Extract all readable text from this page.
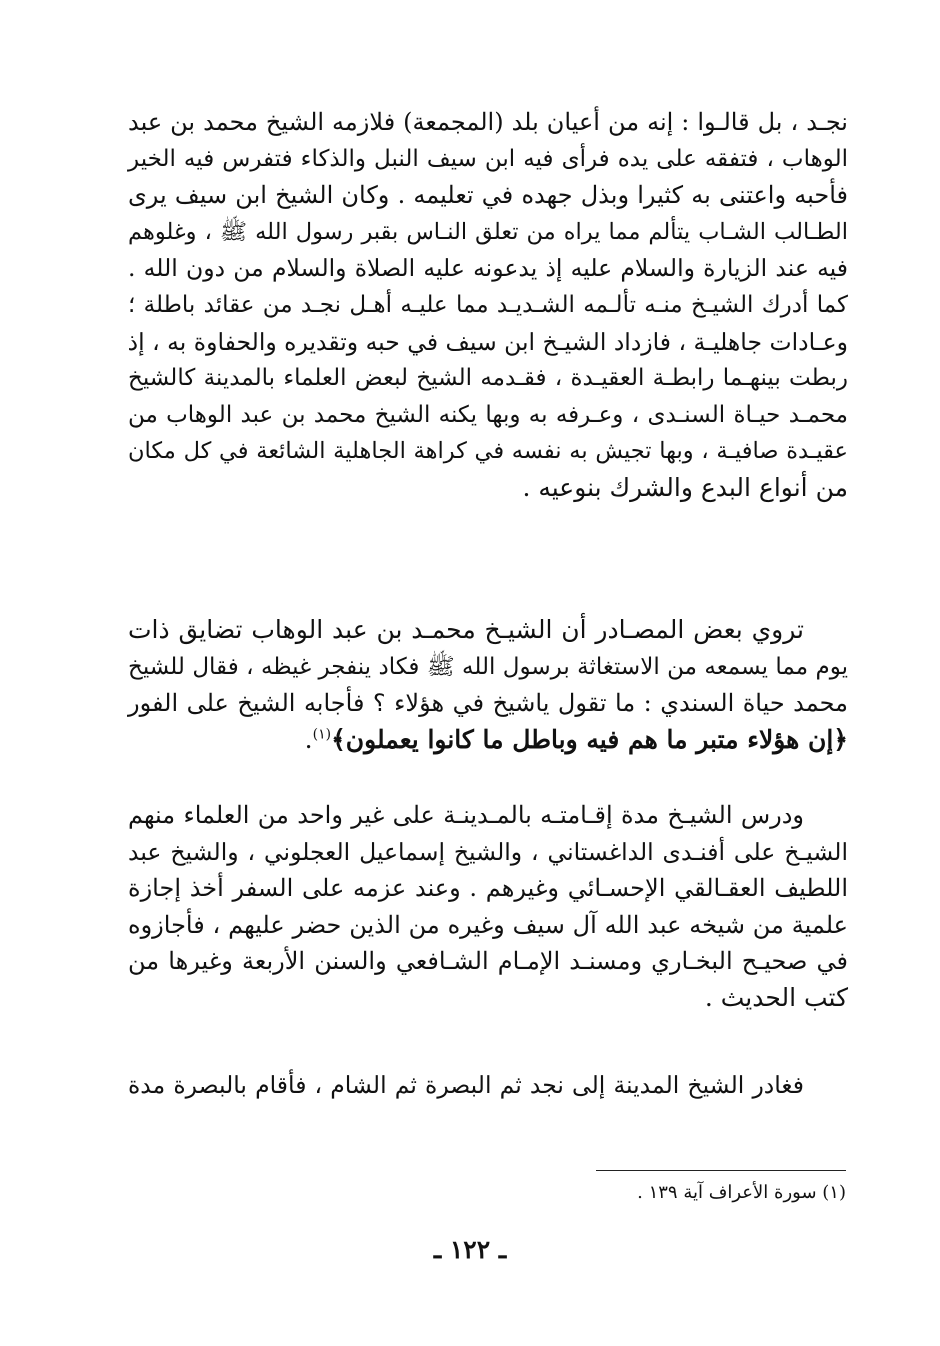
نجـد ، بل قالـوا : إنه من أعيان بلد (المجمعة) فلازمه الشيخ محمد بن عبد
الوهاب ، فتفقه على يده فرأى فيه ابن سيف النبل والذكاء فتفرس فيه الخير
فأحبه واعتنى به كثيرا وبذل جهده في تعليمه . وكان الشيخ ابن سيف يرى
الطـالب الشـاب يتألم مما يراه من تعلق النـاس بقبر رسول الله ﷺ ، وغلوهم
فيه عند الزيارة والسلام عليه إذ يدعونه عليه الصلاة والسلام من دون الله .
كما أدرك الشيـخ منـه تألـمه الشـديـد مما عليـه أهـل نجـد من عقائد باطلة ؛
وعـادات جاهليـة ، فازداد الشيـخ ابن سيف في حبه وتقديره والحفاوة به ، إذ
ربطت بينهـما رابطـة العقيـدة ، فقـدمه الشيخ لبعض العلماء بالمدينة كالشيخ
محمـد حيـاة السنـدى ، وعـرفه به وبها يكنه الشيخ محمد بن عبد الوهاب من
عقيـدة صافيـة ، وبها تجيش به نفسه في كراهة الجاهلية الشائعة في كل مكان
من أنواع البدع والشرك بنوعيه .
تروي بعض المصـادر أن الشيـخ محمـد بن عبد الوهاب تضايق ذات
يوم مما يسمعه من الاستغاثة برسول الله ﷺ فكاد ينفجر غيظه ، فقال للشيخ
محمد حياة السندي : ما تقول ياشيخ في هؤلاء ؟ فأجابه الشيخ على الفور
﴿إن هؤلاء متبر ما هم فيه وباطل ما كانوا يعملون﴾$^{(١)}$.
ودرس الشيـخ مدة إقـامتـه بالمـدينـة على غير واحد من العلماء منهم
الشيـخ على أفنـدى الداغستاني ، والشيخ إسماعيل العجلوني ، والشيخ عبد
اللطيف العقـالقي الإحسـائي وغيرهم . وعند عزمه على السفر أخذ إجازة
علمية من شيخه عبد الله آل سيف وغيره من الذين حضر عليهم ، فأجازوه
في صحيـح البخـاري ومسنـد الإمـام الشـافعي والسنن الأربعة وغيرها من
كتب الحديث .
فغادر الشيخ المدينة إلى نجد ثم البصرة ثم الشام ، فأقام بالبصرة مدة
(١) سورة الأعراف آية ١٣٩ .
ـ ١٢٢ ـ
